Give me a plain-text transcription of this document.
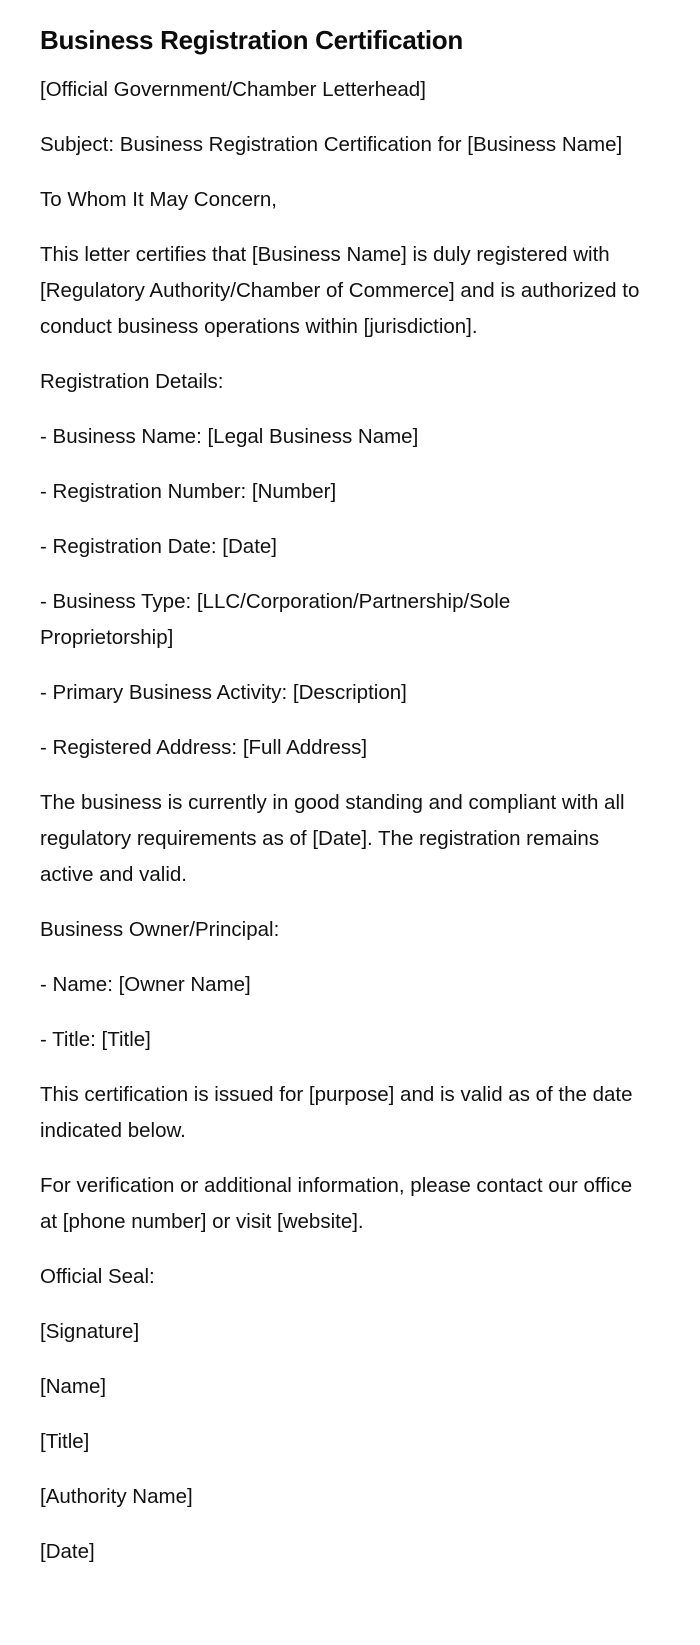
Business Registration Certification

[Official Government/Chamber Letterhead]

Subject: Business Registration Certification for [Business Name]

To Whom It May Concern,

This letter certifies that [Business Name] is duly registered with [Regulatory Authority/Chamber of Commerce] and is authorized to conduct business operations within [jurisdiction].

Registration Details:

- Business Name: [Legal Business Name]

- Registration Number: [Number]

- Registration Date: [Date]

- Business Type: [LLC/Corporation/Partnership/Sole Proprietorship]

- Primary Business Activity: [Description]

- Registered Address: [Full Address]

The business is currently in good standing and compliant with all regulatory requirements as of [Date]. The registration remains active and valid.

Business Owner/Principal:

- Name: [Owner Name]

- Title: [Title]

This certification is issued for [purpose] and is valid as of the date indicated below.

For verification or additional information, please contact our office at [phone number] or visit [website].

Official Seal:

[Signature]

[Name]

[Title]

[Authority Name]

[Date]
